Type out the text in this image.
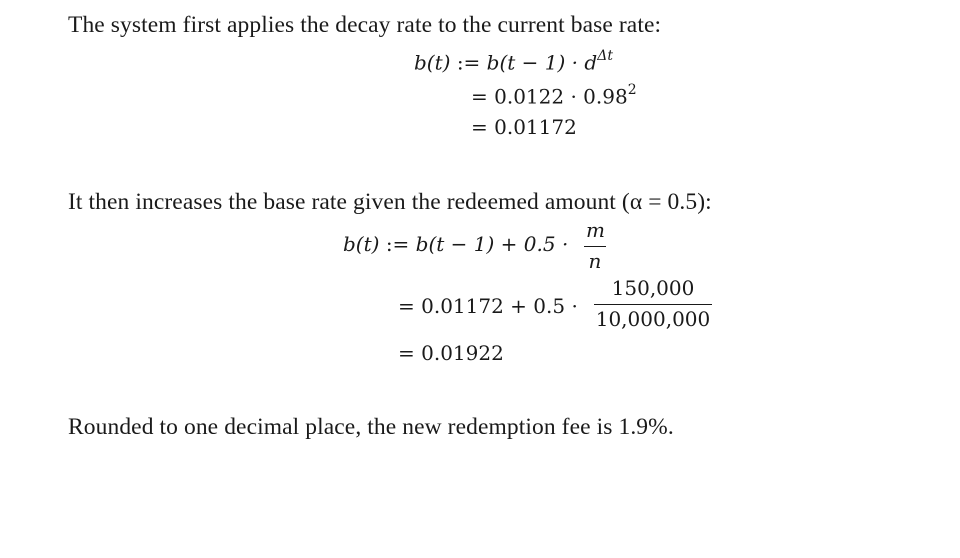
The system first applies the decay rate to the current base rate:
b(t) := $b(t - 1) \cdot d^{\Delta t}$
= $0.0122 \cdot 0.98^2$
= 0.01172
It then increases the base rate given the redeemed amount (α = 0.5):
b(t) := b(t − 1) + 0.5 ·
m
n
= 0.01172 + 0.5 ·
150,000
10,000,000
= 0.01922
Rounded to one decimal place, the new redemption fee is 1.9%.
